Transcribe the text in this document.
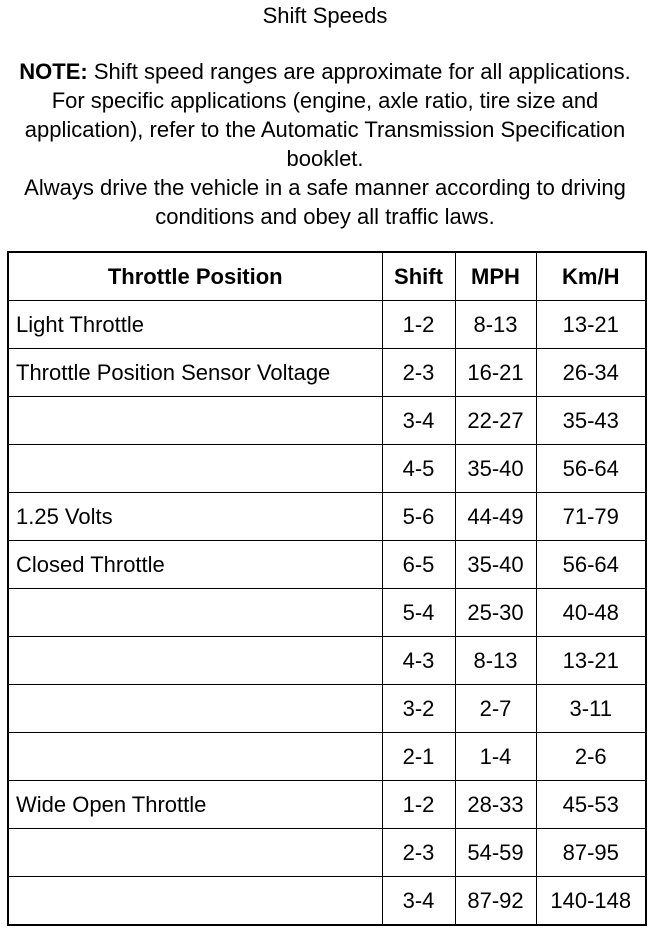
Shift Speeds

NOTE: Shift speed ranges are approximate for all applications. For specific applications (engine, axle ratio, tire size and application), refer to the Automatic Transmission Specification booklet.

Always drive the vehicle in a safe manner according to driving conditions and obey all traffic laws.

Throttle Position	Shift	MPH	Km/H
Light Throttle	1-2	8-13	13-21
Throttle Position Sensor Voltage	2-3	16-21	26-34
	3-4	22-27	35-43
	4-5	35-40	56-64
1.25 Volts	5-6	44-49	71-79
Closed Throttle	6-5	35-40	56-64
	5-4	25-30	40-48
	4-3	8-13	13-21
	3-2	2-7	3-11
	2-1	1-4	2-6
Wide Open Throttle	1-2	28-33	45-53
	2-3	54-59	87-95
	3-4	87-92	140-148
